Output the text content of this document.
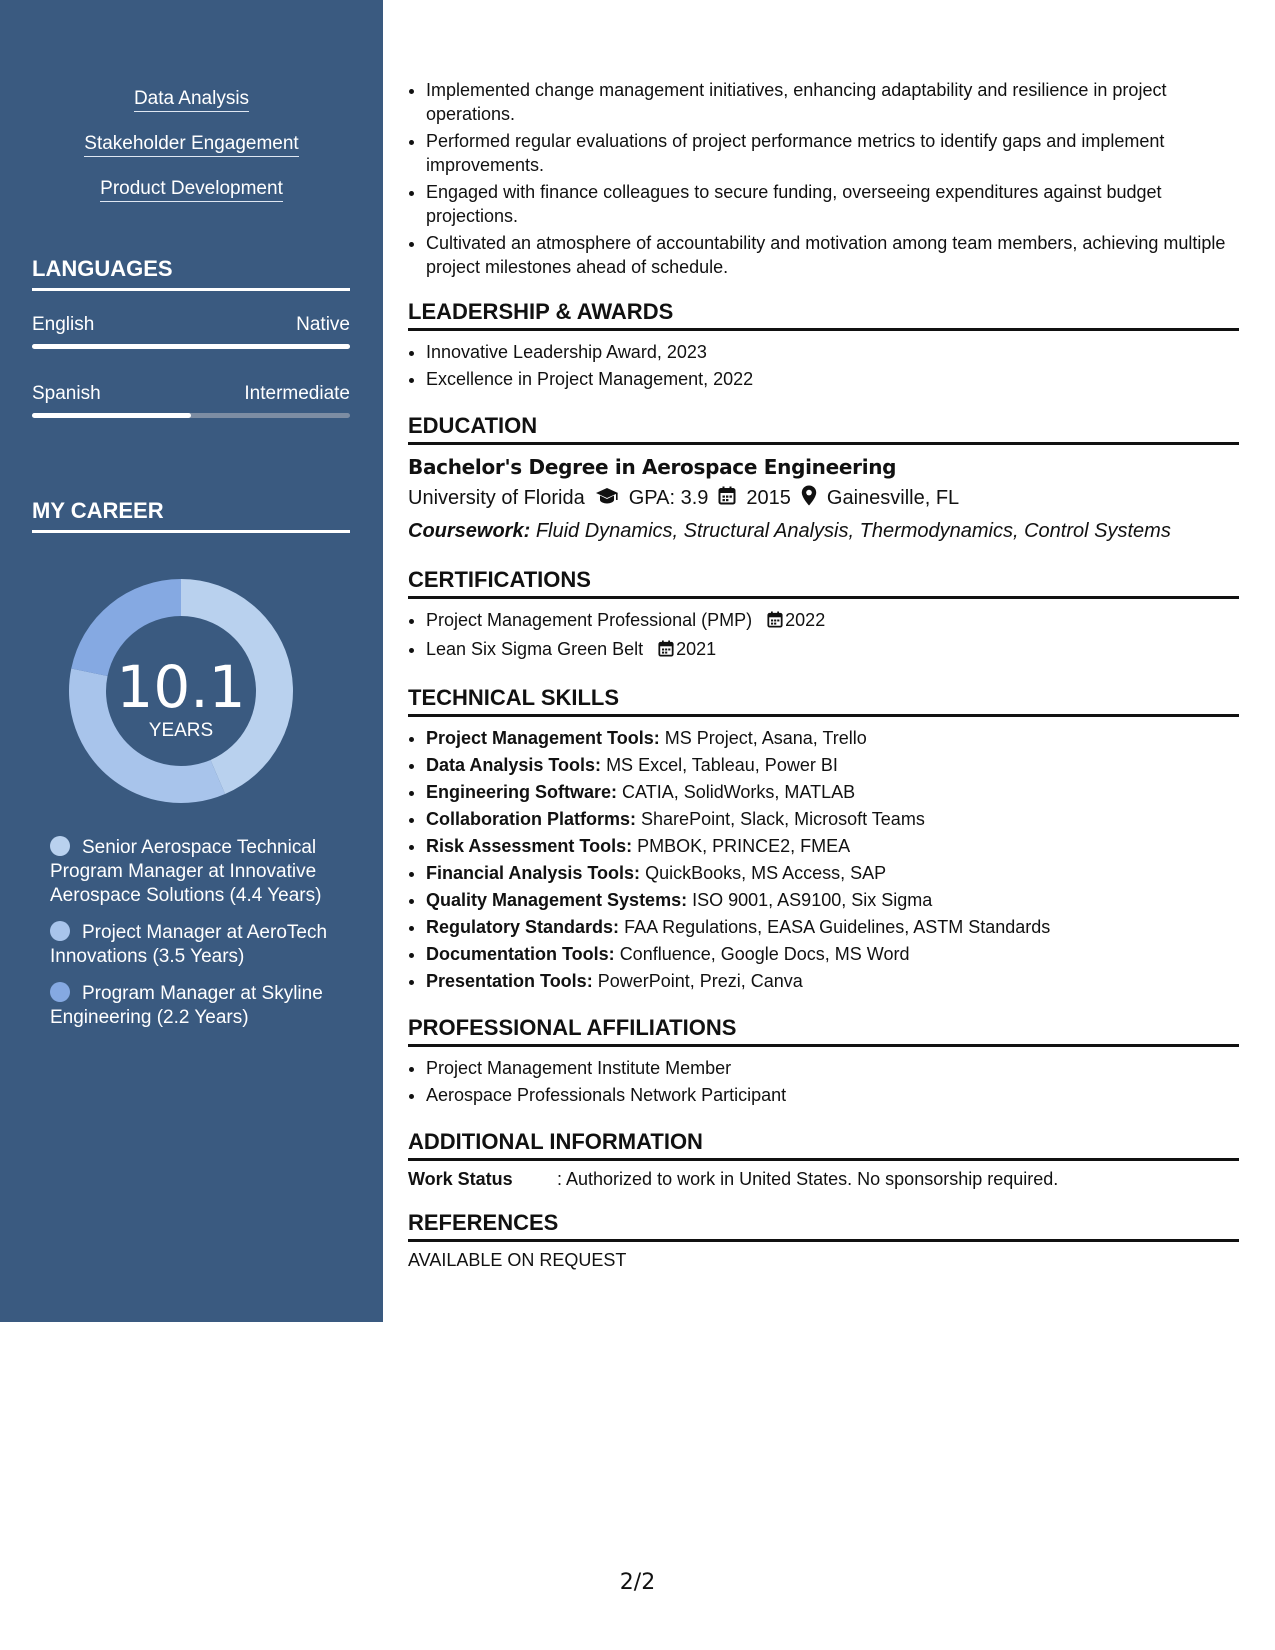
Data Analysis
Stakeholder Engagement
Product Development
LANGUAGES
English	Native
Spanish	Intermediate
MY CAREER
10.1
YEARS
Senior Aerospace Technical Program Manager at Innovative Aerospace Solutions (4.4 Years)
Project Manager at AeroTech Innovations (3.5 Years)
Program Manager at Skyline Engineering (2.2 Years)
• Implemented change management initiatives, enhancing adaptability and resilience in project operations.
• Performed regular evaluations of project performance metrics to identify gaps and implement improvements.
• Engaged with finance colleagues to secure funding, overseeing expenditures against budget projections.
• Cultivated an atmosphere of accountability and motivation among team members, achieving multiple project milestones ahead of schedule.
LEADERSHIP & AWARDS
• Innovative Leadership Award, 2023
• Excellence in Project Management, 2022
EDUCATION
Bachelor's Degree in Aerospace Engineering
University of Florida GPA: 3.9 2015 Gainesville, FL
Coursework: Fluid Dynamics, Structural Analysis, Thermodynamics, Control Systems
CERTIFICATIONS
• Project Management Professional (PMP) 2022
• Lean Six Sigma Green Belt 2021
TECHNICAL SKILLS
• Project Management Tools: MS Project, Asana, Trello
• Data Analysis Tools: MS Excel, Tableau, Power BI
• Engineering Software: CATIA, SolidWorks, MATLAB
• Collaboration Platforms: SharePoint, Slack, Microsoft Teams
• Risk Assessment Tools: PMBOK, PRINCE2, FMEA
• Financial Analysis Tools: QuickBooks, MS Access, SAP
• Quality Management Systems: ISO 9001, AS9100, Six Sigma
• Regulatory Standards: FAA Regulations, EASA Guidelines, ASTM Standards
• Documentation Tools: Confluence, Google Docs, MS Word
• Presentation Tools: PowerPoint, Prezi, Canva
PROFESSIONAL AFFILIATIONS
• Project Management Institute Member
• Aerospace Professionals Network Participant
ADDITIONAL INFORMATION
Work Status	: Authorized to work in United States. No sponsorship required.
REFERENCES
AVAILABLE ON REQUEST
2/2
